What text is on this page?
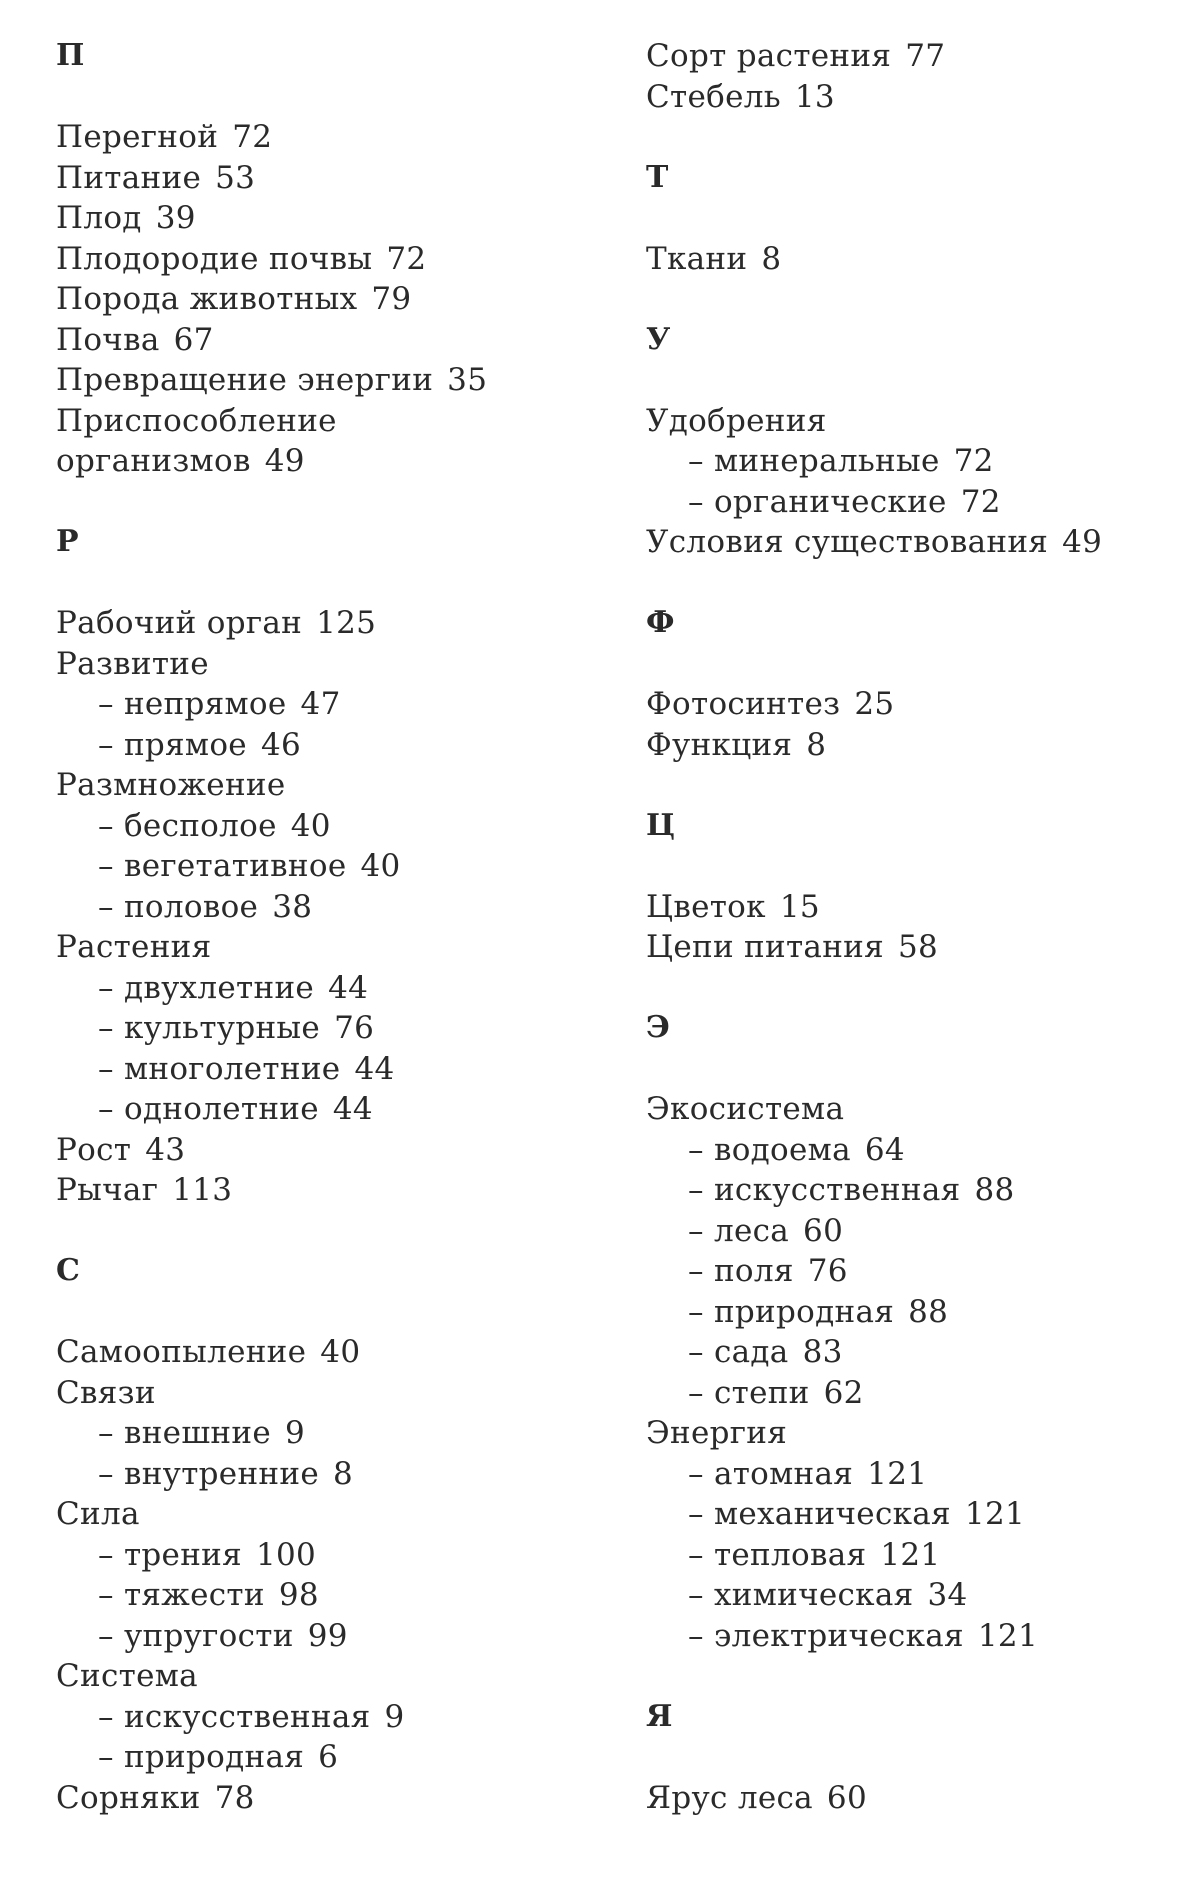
П
Перегной 72
Питание 53
Плод 39
Плодородие почвы 72
Порода животных 79
Почва 67
Превращение энергии 35
Приспособление
организмов 49
Р
Рабочий орган 125
Развитие
– непрямое 47
– прямое 46
Размножение
– бесполое 40
– вегетативное 40
– половое 38
Растения
– двухлетние 44
– культурные 76
– многолетние 44
– однолетние 44
Рост 43
Рычаг 113
С
Самоопыление 40
Связи
– внешние 9
– внутренние 8
Сила
– трения 100
– тяжести 98
– упругости 99
Система
– искусственная 9
– природная 6
Сорняки 78
Сорт растения 77
Стебель 13
Т
Ткани 8
У
Удобрения
– минеральные 72
– органические 72
Условия существования 49
Ф
Фотосинтез 25
Функция 8
Ц
Цветок 15
Цепи питания 58
Э
Экосистема
– водоема 64
– искусственная 88
– леса 60
– поля 76
– природная 88
– сада 83
– степи 62
Энергия
– атомная 121
– механическая 121
– тепловая 121
– химическая 34
– электрическая 121
Я
Ярус леса 60
